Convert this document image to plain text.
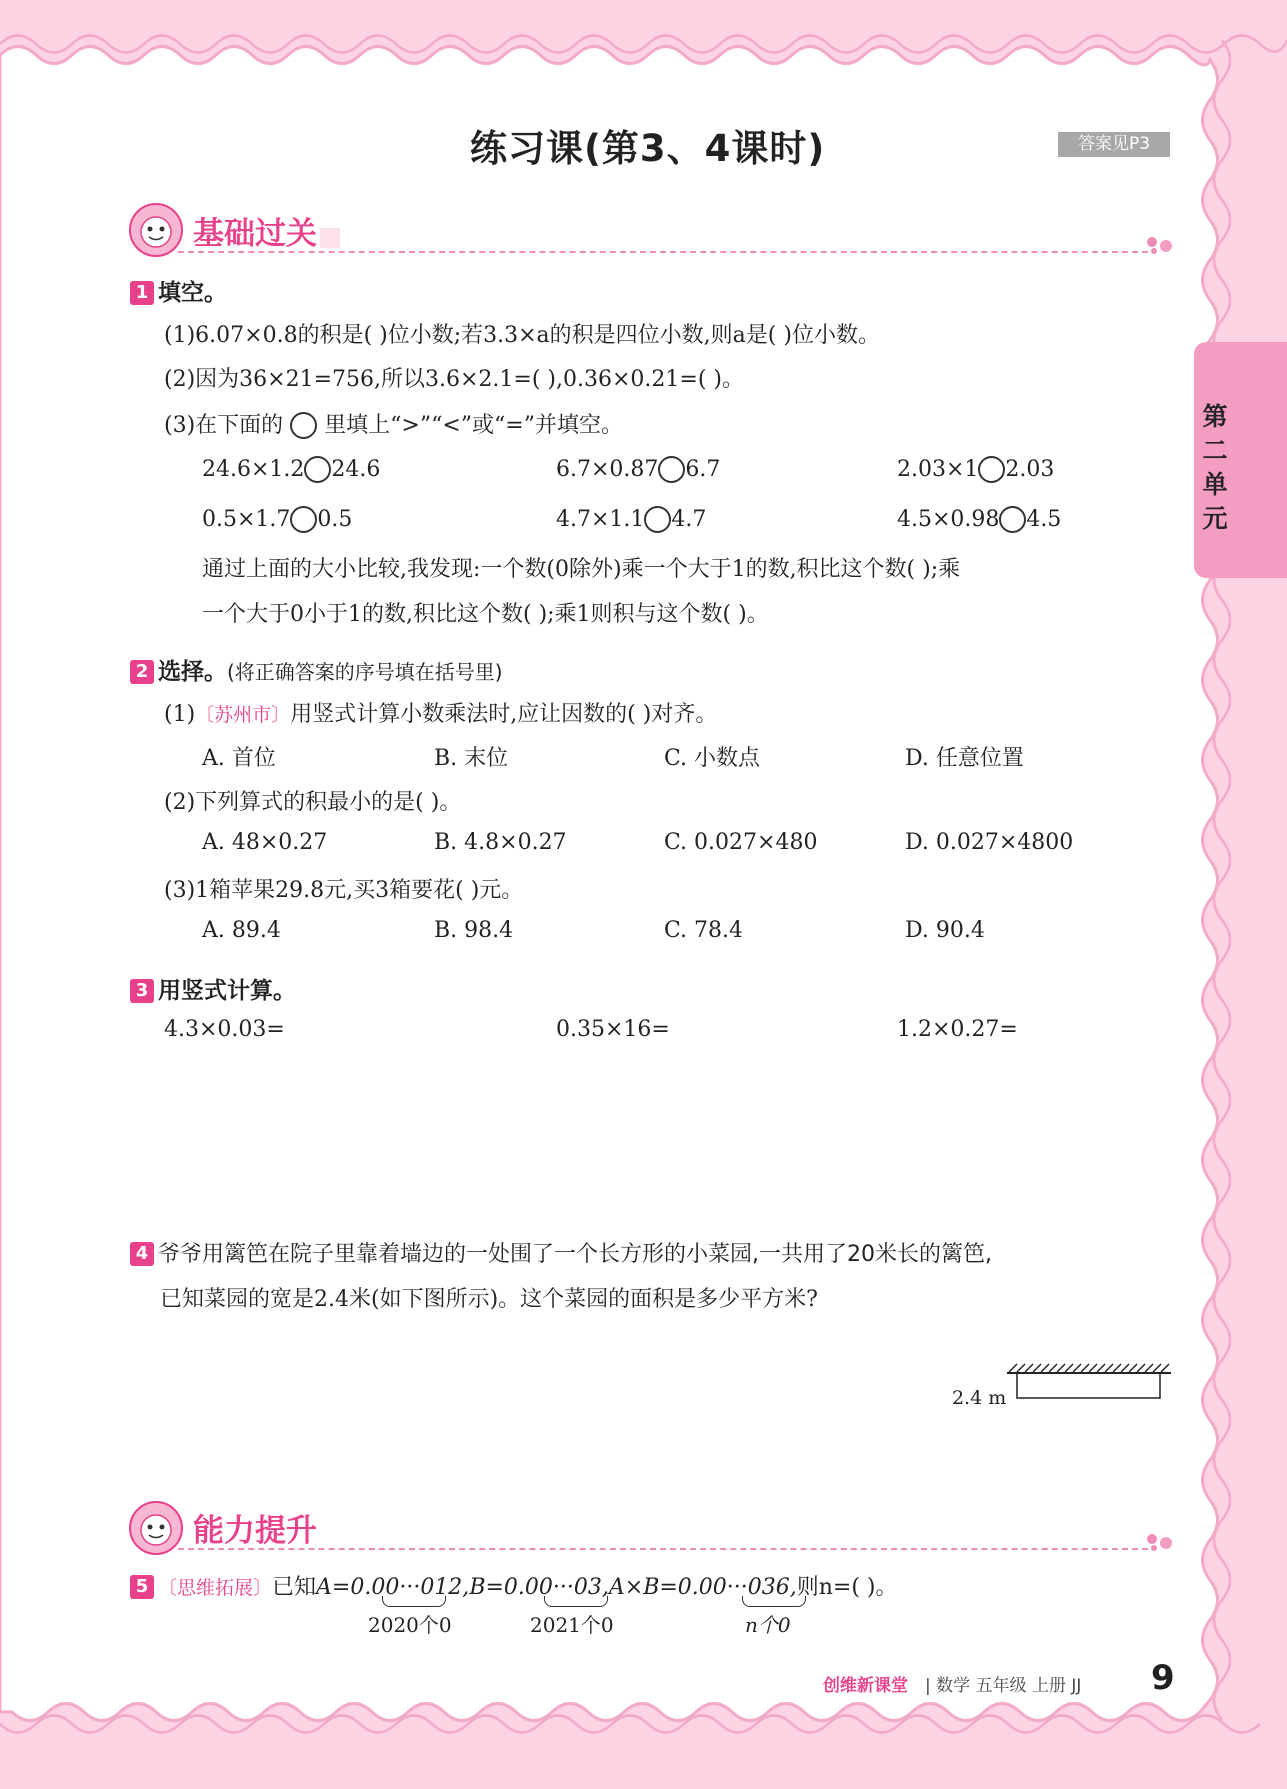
练习课(第3、4课时)	答案见P3
第二单元
基础过关
1 填空。
(1)6.07×0.8的积是( )位小数;若3.3×a的积是四位小数,则a是( )位小数。
(2)因为36×21=756,所以3.6×2.1=( ),0.36×0.21=( )。
(3)在下面的 里填上“>”“<”或“=”并填空。
24.6×1.2 24.6	6.7×0.87 6.7	2.03×1 2.03
0.5×1.7 0.5	4.7×1.1 4.7	4.5×0.98 4.5
通过上面的大小比较,我发现:一个数(0除外)乘一个大于1的数,积比这个数( );乘
一个大于0小于1的数,积比这个数( );乘1则积与这个数( )。
2 选择。(将正确答案的序号填在括号里)
(1)〔苏州市〕用竖式计算小数乘法时,应让因数的( )对齐。
A. 首位	B. 末位	C. 小数点	D. 任意位置
(2)下列算式的积最小的是( )。
A. 48×0.27	B. 4.8×0.27	C. 0.027×480	D. 0.027×4800
(3)1箱苹果29.8元,买3箱要花( )元。
A. 89.4	B. 98.4	C. 78.4	D. 90.4
3 用竖式计算。
4.3×0.03=	0.35×16=	1.2×0.27=
4 爷爷用篱笆在院子里靠着墙边的一处围了一个长方形的小菜园,一共用了20米长的篱笆,
已知菜园的宽是2.4米(如下图所示)。这个菜园的面积是多少平方米?
2.4 m
能力提升
5 〔思维拓展〕已知A=0.00···012,B=0.00···03,A×B=0.00···036,则n=( )。
2020个0	2021个0	n个0
创维新课堂 | 数学 五年级 上册 JJ 9
